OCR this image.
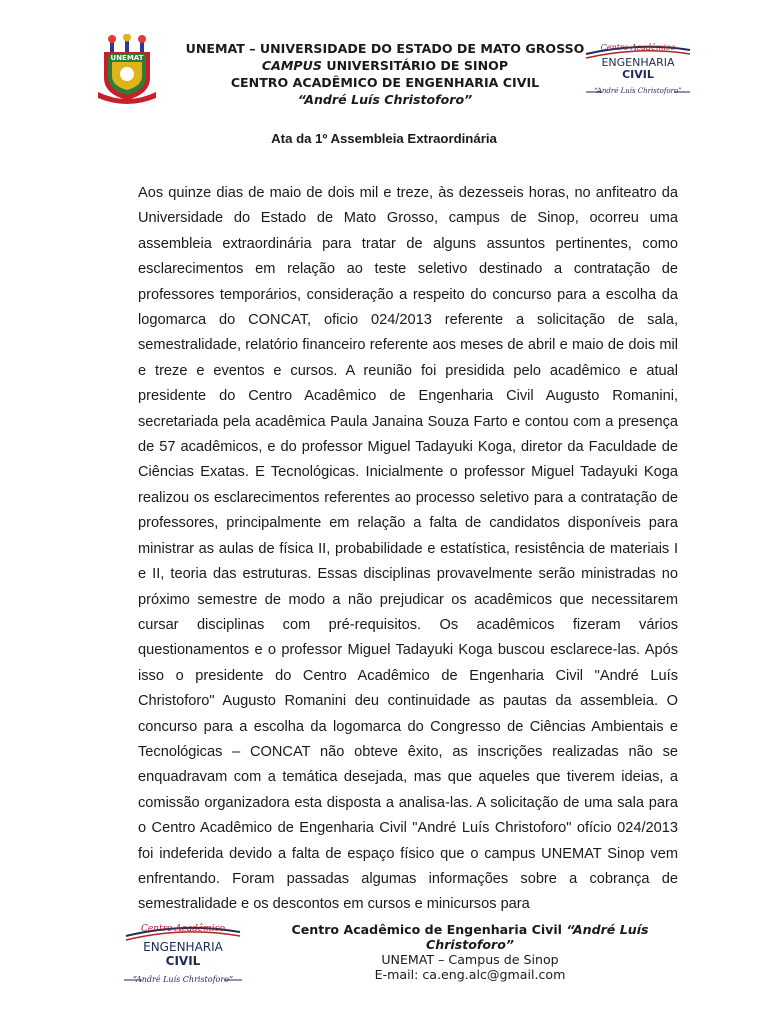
UNEMAT
UNEMAT – UNIVERSIDADE DO ESTADO DE MATO GROSSO
CAMPUS UNIVERSITÁRIO DE SINOP
CENTRO ACADÊMICO DE ENGENHARIA CIVIL
“André Luís Christoforo”
Centro Acadêmico
ENGENHARIA
CIVIL
“André Luís Christoforo”
Ata da 1º Assembleia Extraordinária

Aos quinze dias de maio de dois mil e treze, às dezesseis horas, no anfiteatro da Universidade do Estado de Mato Grosso, campus de Sinop, ocorreu uma assembleia extraordinária para tratar de alguns assuntos pertinentes, como esclarecimentos em relação ao teste seletivo destinado a contratação de professores temporários, consideração a respeito do concurso para a escolha da logomarca do CONCAT, oficio 024/2013 referente a solicitação de sala, semestralidade, relatório financeiro referente aos meses de abril e maio de dois mil e treze e eventos e cursos. A reunião foi presidida pelo acadêmico e atual presidente do Centro Acadêmico de Engenharia Civil Augusto Romanini, secretariada pela acadêmica Paula Janaina Souza Farto e contou com a presença de 57 acadêmicos, e do professor Miguel Tadayuki Koga, diretor da Faculdade de Ciências Exatas. E Tecnológicas. Inicialmente o professor Miguel Tadayuki Koga realizou os esclarecimentos referentes ao processo seletivo para a contratação de professores, principalmente em relação a falta de candidatos disponíveis para ministrar as aulas de física II, probabilidade e estatística, resistência de materiais I e II, teoria das estruturas. Essas disciplinas provavelmente serão ministradas no próximo semestre de modo a não prejudicar os acadêmicos que necessitarem cursar disciplinas com pré-requisitos. Os acadêmicos fizeram vários questionamentos e o professor Miguel Tadayuki Koga buscou esclarece-las. Após isso o presidente do Centro Acadêmico de Engenharia Civil "André Luís Christoforo" Augusto Romanini deu continuidade as pautas da assembleia. O concurso para a escolha da logomarca do Congresso de Ciências Ambientais e Tecnológicas – CONCAT não obteve êxito, as inscrições realizadas não se enquadravam com a temática desejada, mas que aqueles que tiverem ideias, a comissão organizadora esta disposta a analisa-las. A solicitação de uma sala para o Centro Acadêmico de Engenharia Civil "André Luís Christoforo" ofício 024/2013 foi indeferida devido a falta de espaço físico que o campus UNEMAT Sinop vem enfrentando. Foram passadas algumas informações sobre a cobrança de semestralidade e os descontos em cursos e minicursos para

Centro Acadêmico
ENGENHARIA
CIVIL
“André Luís Christoforo”
Centro Acadêmico de Engenharia Civil “André Luís Christoforo”
UNEMAT – Campus de Sinop
E-mail: ca.eng.alc@gmail.com
